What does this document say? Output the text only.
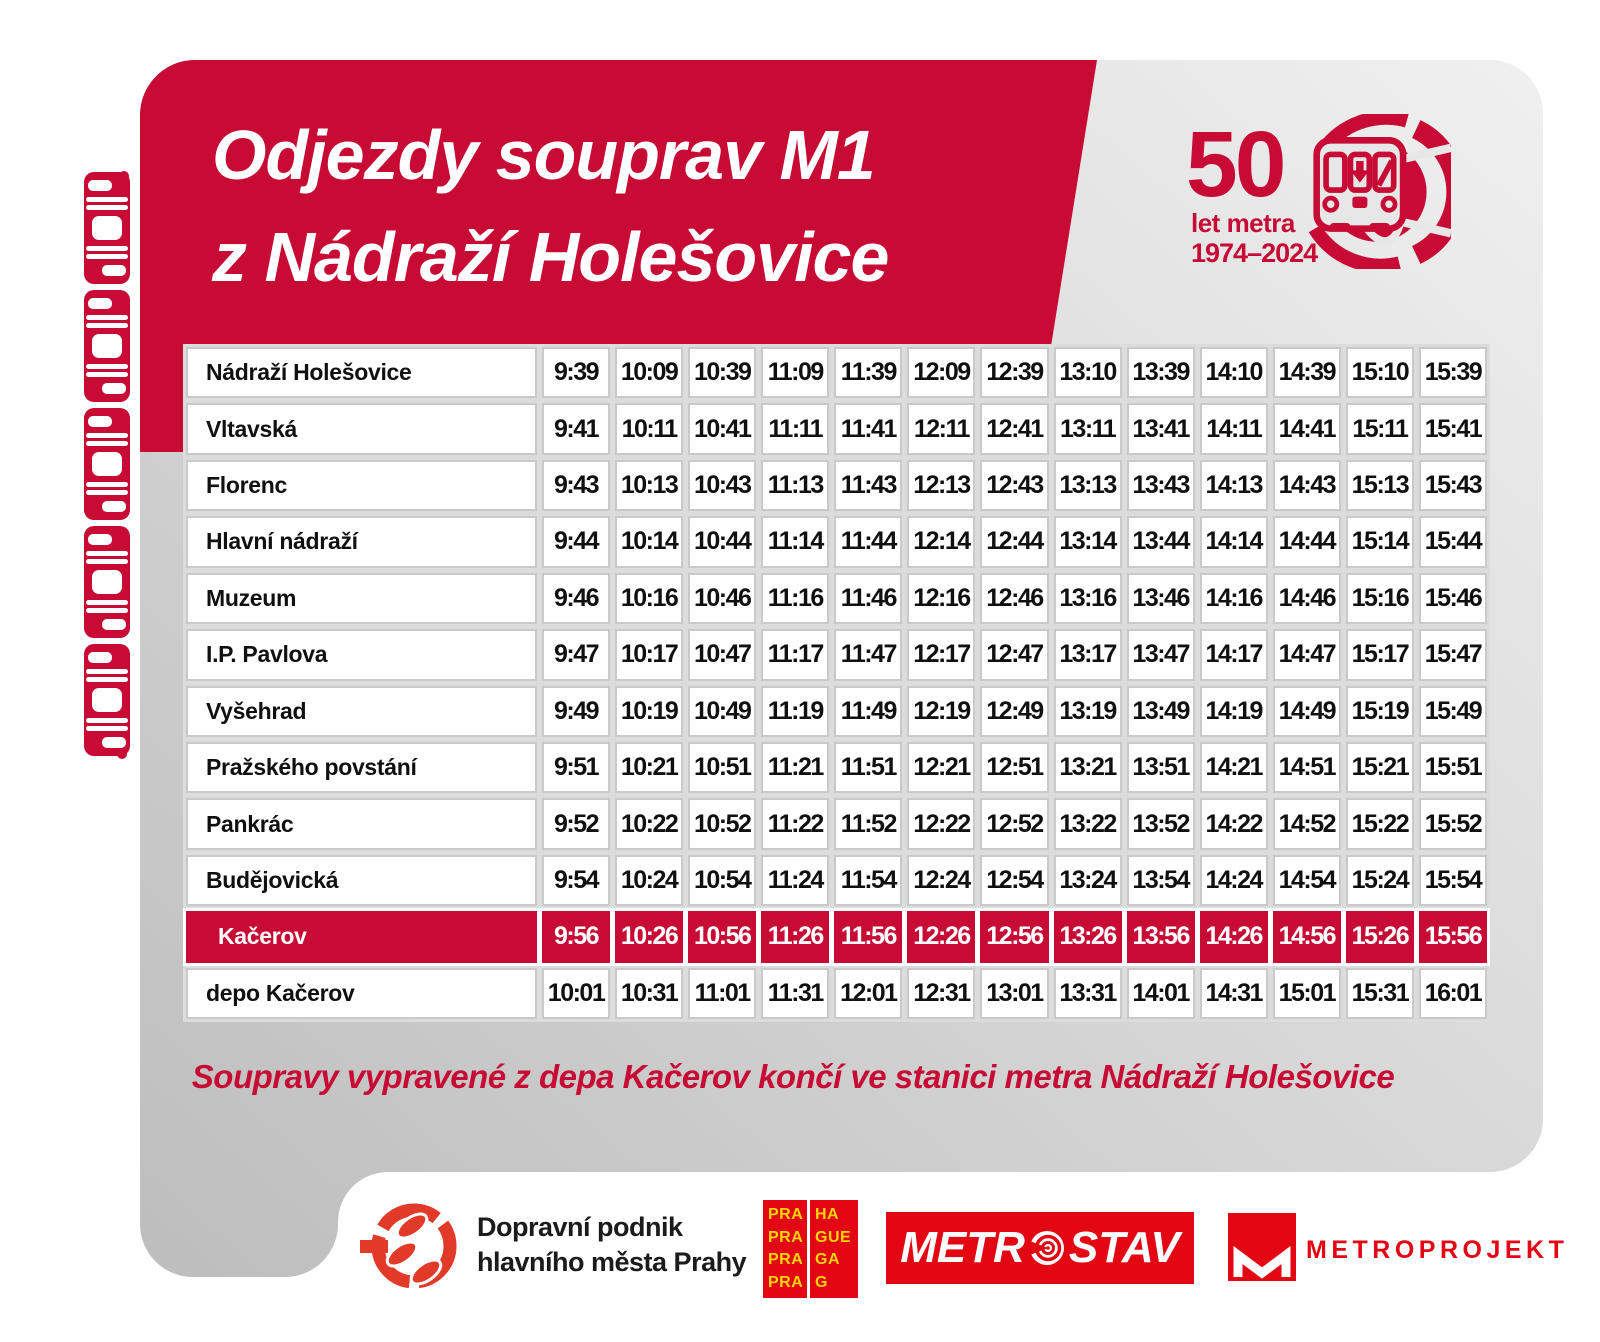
Odjezdy souprav M1
z Nádraží Holešovice
50
let metra
1974–2024
Nádraží Holešovice	9:39 10:09 10:39 11:09 11:39 12:09 12:39 13:10 13:39 14:10 14:39 15:10 15:39
Vltavská	9:41 10:11 10:41 11:11 11:41 12:11 12:41 13:11 13:41 14:11 14:41 15:11 15:41
Florenc	9:43 10:13 10:43 11:13 11:43 12:13 12:43 13:13 13:43 14:13 14:43 15:13 15:43
Hlavní nádraží	9:44 10:14 10:44 11:14 11:44 12:14 12:44 13:14 13:44 14:14 14:44 15:14 15:44
Muzeum	9:46 10:16 10:46 11:16 11:46 12:16 12:46 13:16 13:46 14:16 14:46 15:16 15:46
I.P. Pavlova	9:47 10:17 10:47 11:17 11:47 12:17 12:47 13:17 13:47 14:17 14:47 15:17 15:47
Vyšehrad	9:49 10:19 10:49 11:19 11:49 12:19 12:49 13:19 13:49 14:19 14:49 15:19 15:49
Pražského povstání	9:51 10:21 10:51 11:21 11:51 12:21 12:51 13:21 13:51 14:21 14:51 15:21 15:51
Pankrác	9:52 10:22 10:52 11:22 11:52 12:22 12:52 13:22 13:52 14:22 14:52 15:22 15:52
Budějovická	9:54 10:24 10:54 11:24 11:54 12:24 12:54 13:24 13:54 14:24 14:54 15:24 15:54
Kačerov	9:56 10:26 10:56 11:26 11:56 12:26 12:56 13:26 13:56 14:26 14:56 15:26 15:56
depo Kačerov	10:01 10:31 11:01 11:31 12:01 12:31 13:01 13:31 14:01 14:31 15:01 15:31 16:01
Soupravy vypravené z depa Kačerov končí ve stanici metra Nádraží Holešovice
Dopravní podnik
hlavního města Prahy
PRA
PRA
PRA
PRA
HA
GUE
GA
G
METR STAV	METROPROJEKT
